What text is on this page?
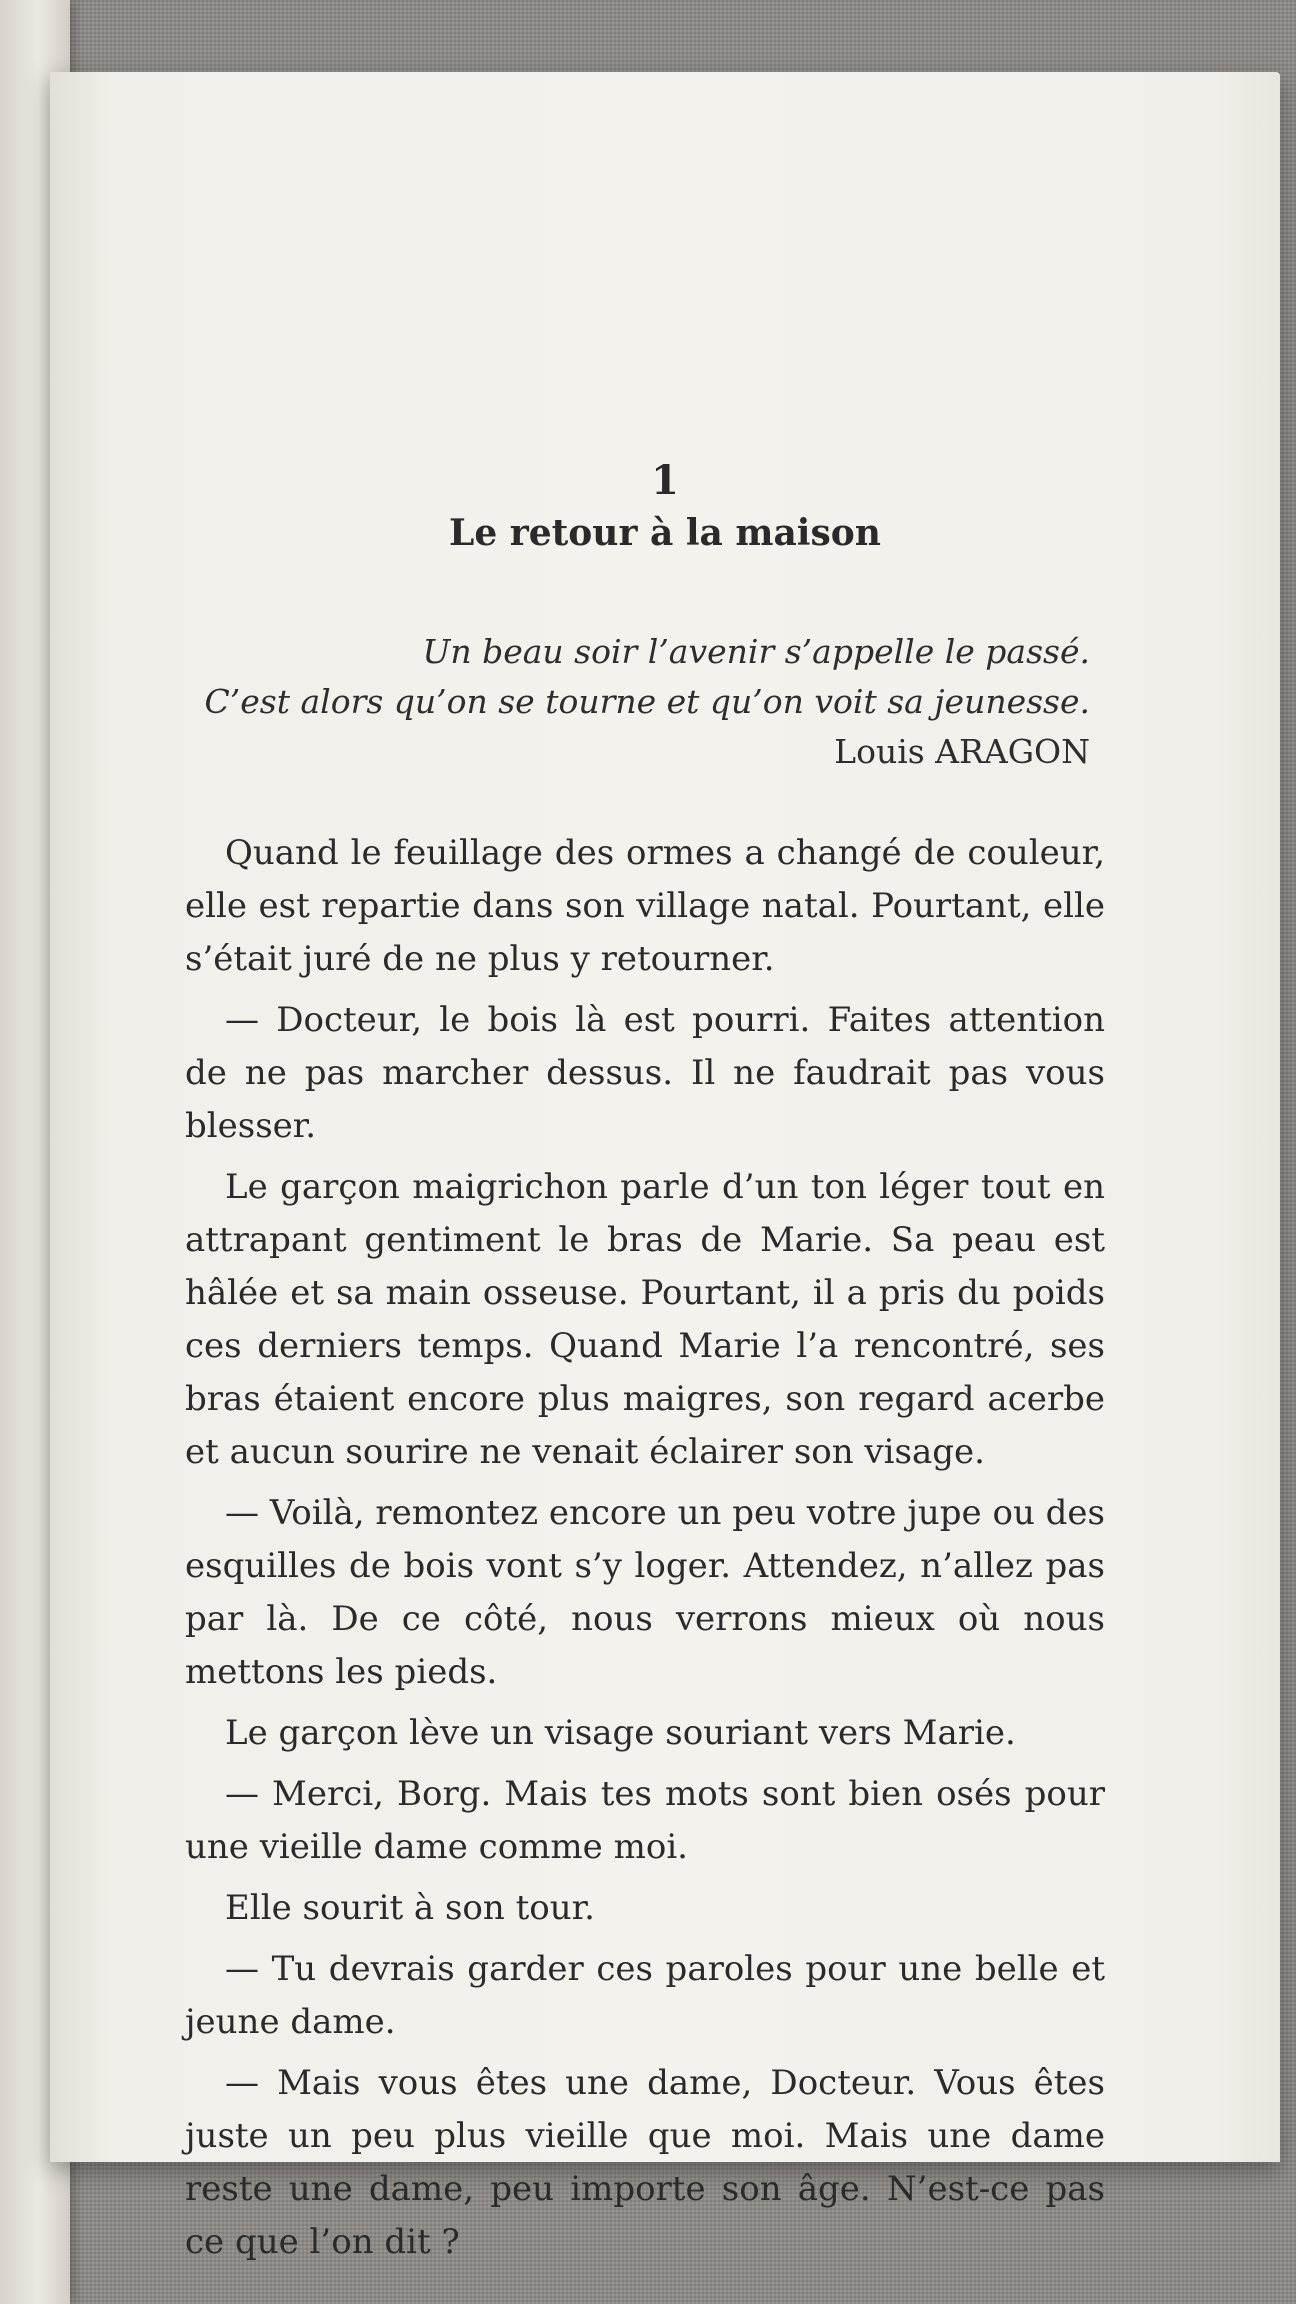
1
Le retour à la maison
Un beau soir l’avenir s’appelle le passé.
C’est alors qu’on se tourne et qu’on voit sa jeunesse.
Louis ARAGON

Quand le feuillage des ormes a changé de couleur, elle est repartie dans son village natal. Pourtant, elle s’était juré de ne plus y retourner.

— Docteur, le bois là est pourri. Faites attention de ne pas marcher dessus. Il ne faudrait pas vous blesser.

Le garçon maigrichon parle d’un ton léger tout en attrapant gentiment le bras de Marie. Sa peau est hâlée et sa main osseuse. Pourtant, il a pris du poids ces derniers temps. Quand Marie l’a rencontré, ses bras étaient encore plus maigres, son regard acerbe et aucun sourire ne venait éclairer son visage.

— Voilà, remontez encore un peu votre jupe ou des esquilles de bois vont s’y loger. Attendez, n’allez pas par là. De ce côté, nous verrons mieux où nous mettons les pieds.

Le garçon lève un visage souriant vers Marie.

— Merci, Borg. Mais tes mots sont bien osés pour une vieille dame comme moi.

Elle sourit à son tour.

— Tu devrais garder ces paroles pour une belle et jeune dame.

— Mais vous êtes une dame, Docteur. Vous êtes juste un peu plus vieille que moi. Mais une dame reste une dame, peu importe son âge. N’est-ce pas ce que l’on dit ?
